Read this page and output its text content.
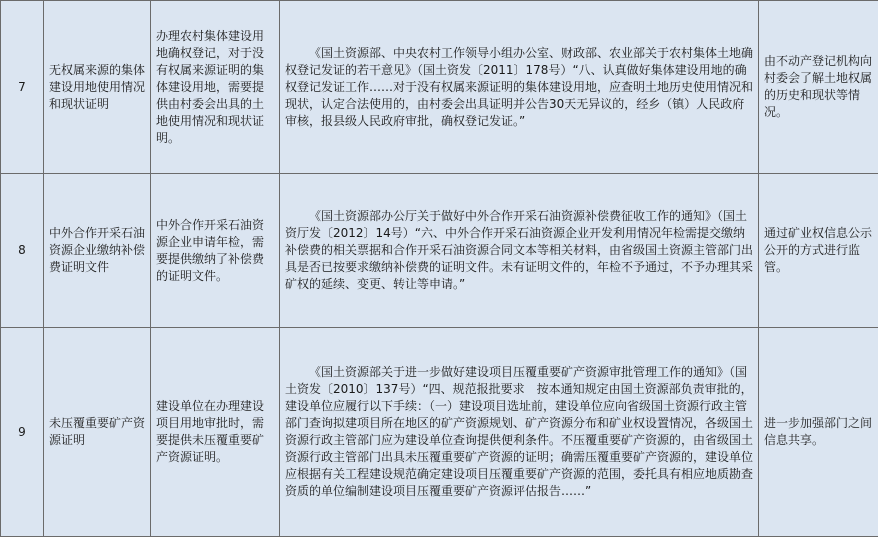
7	无权属来源的集体建设用地使用情况和现状证明	办理农村集体建设用地确权登记，对于没有权属来源证明的集体建设用地，需要提供由村委会出具的土地使用情况和现状证明。	《国土资源部、中央农村工作领导小组办公室、财政部、农业部关于农村集体土地确权登记发证的若干意见》（国土资发〔2011〕178号）“八、认真做好集体建设用地的确权登记发证工作……对于没有权属来源证明的集体建设用地，应查明土地历史使用情况和现状，认定合法使用的，由村委会出具证明并公告30天无异议的，经乡（镇）人民政府审核，报县级人民政府审批，确权登记发证。”	由不动产登记机构向村委会了解土地权属的历史和现状等情况。
8	中外合作开采石油资源企业缴纳补偿费证明文件	中外合作开采石油资源企业申请年检，需要提供缴纳了补偿费的证明文件。	《国土资源部办公厅关于做好中外合作开采石油资源补偿费征收工作的通知》（国土资厅发〔2012〕14号）“六、中外合作开采石油资源企业开发利用情况年检需提交缴纳补偿费的相关票据和合作开采石油资源合同文本等相关材料，由省级国土资源主管部门出具是否已按要求缴纳补偿费的证明文件。未有证明文件的，年检不予通过，不予办理其采矿权的延续、变更、转让等申请。”	通过矿业权信息公示公开的方式进行监管。
9	未压覆重要矿产资源证明	建设单位在办理建设项目用地审批时，需要提供未压覆重要矿产资源证明。	《国土资源部关于进一步做好建设项目压覆重要矿产资源审批管理工作的通知》（国土资发〔2010〕137号）“四、规范报批要求　按本通知规定由国土资源部负责审批的，建设单位应履行以下手续：（一）建设项目选址前，建设单位应向省级国土资源行政主管部门查询拟建项目所在地区的矿产资源规划、矿产资源分布和矿业权设置情况，各级国土资源行政主管部门应为建设单位查询提供便利条件。不压覆重要矿产资源的，由省级国土资源行政主管部门出具未压覆重要矿产资源的证明；确需压覆重要矿产资源的，建设单位应根据有关工程建设规范确定建设项目压覆重要矿产资源的范围，委托具有相应地质勘查资质的单位编制建设项目压覆重要矿产资源评估报告……”	进一步加强部门之间信息共享。
